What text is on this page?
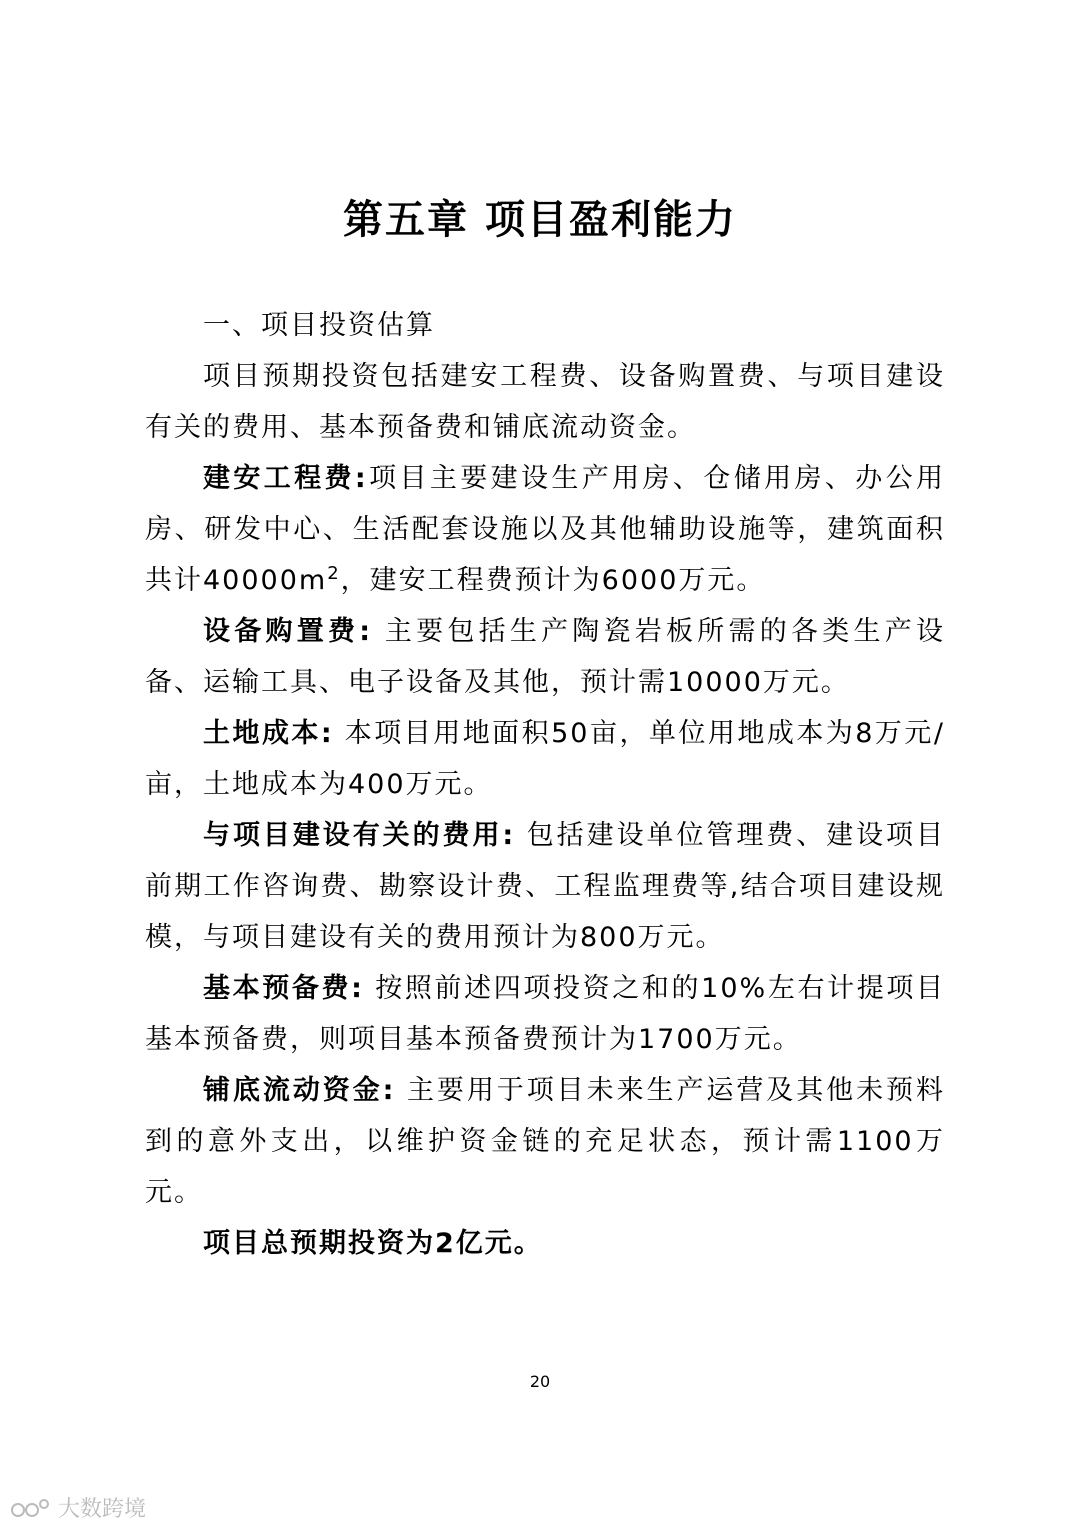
第五章 项目盈利能力

一、项目投资估算

项目预期投资包括建安工程费、设备购置费、与项目建设有关的费用、基本预备费和铺底流动资金。

建安工程费:项目主要建设生产用房、仓储用房、办公用房、研发中心、生活配套设施以及其他辅助设施等，建筑面积共计$40000m^2$，建安工程费预计为6000万元。

设备购置费: 主要包括生产陶瓷岩板所需的各类生产设备、运输工具、电子设备及其他，预计需10000万元。

土地成本: 本项目用地面积50亩，单位用地成本为8万元/亩，土地成本为400万元。

与项目建设有关的费用: 包括建设单位管理费、建设项目前期工作咨询费、勘察设计费、工程监理费等,结合项目建设规模，与项目建设有关的费用预计为800万元。

基本预备费: 按照前述四项投资之和的10%左右计提项目基本预备费，则项目基本预备费预计为1700万元。

铺底流动资金: 主要用于项目未来生产运营及其他未预料到的意外支出，以维护资金链的充足状态，预计需1100万元。

项目总预期投资为2亿元。

20
大数跨境
